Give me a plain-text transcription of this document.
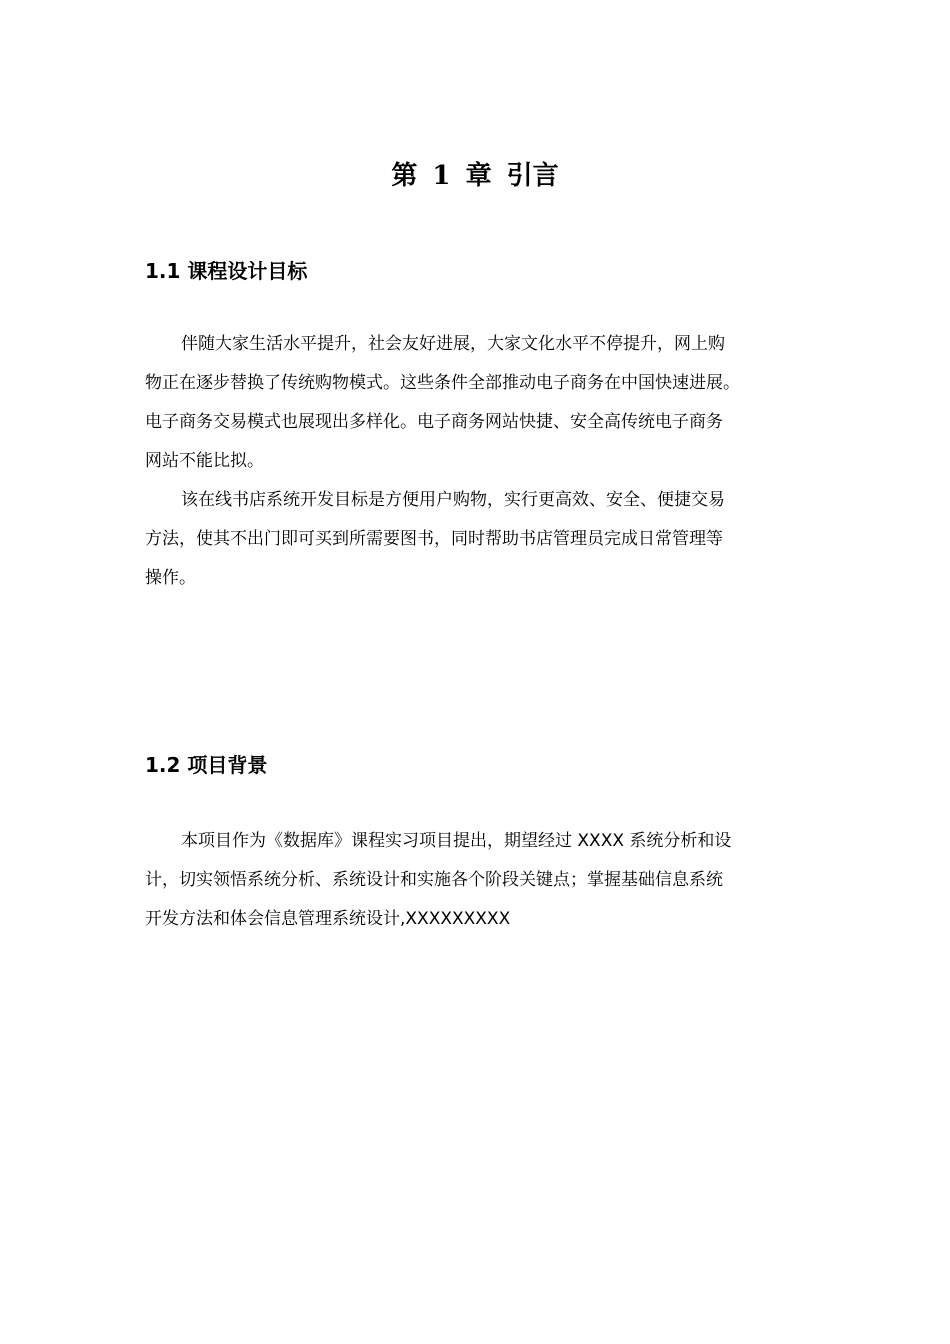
第 1 章 引言
1.1 课程设计目标
伴随大家生活水平提升，社会友好进展，大家文化水平不停提升，网上购
物正在逐步替换了传统购物模式。这些条件全部推动电子商务在中国快速进展。
电子商务交易模式也展现出多样化。电子商务网站快捷、安全高传统电子商务
网站不能比拟。
该在线书店系统开发目标是方便用户购物，实行更高效、安全、便捷交易
方法，使其不出门即可买到所需要图书，同时帮助书店管理员完成日常管理等
操作。
1.2 项目背景
本项目作为《数据库》课程实习项目提出，期望经过 XXXX 系统分析和设
计，切实领悟系统分析、系统设计和实施各个阶段关键点；掌握基础信息系统
开发方法和体会信息管理系统设计,XXXXXXXXX
